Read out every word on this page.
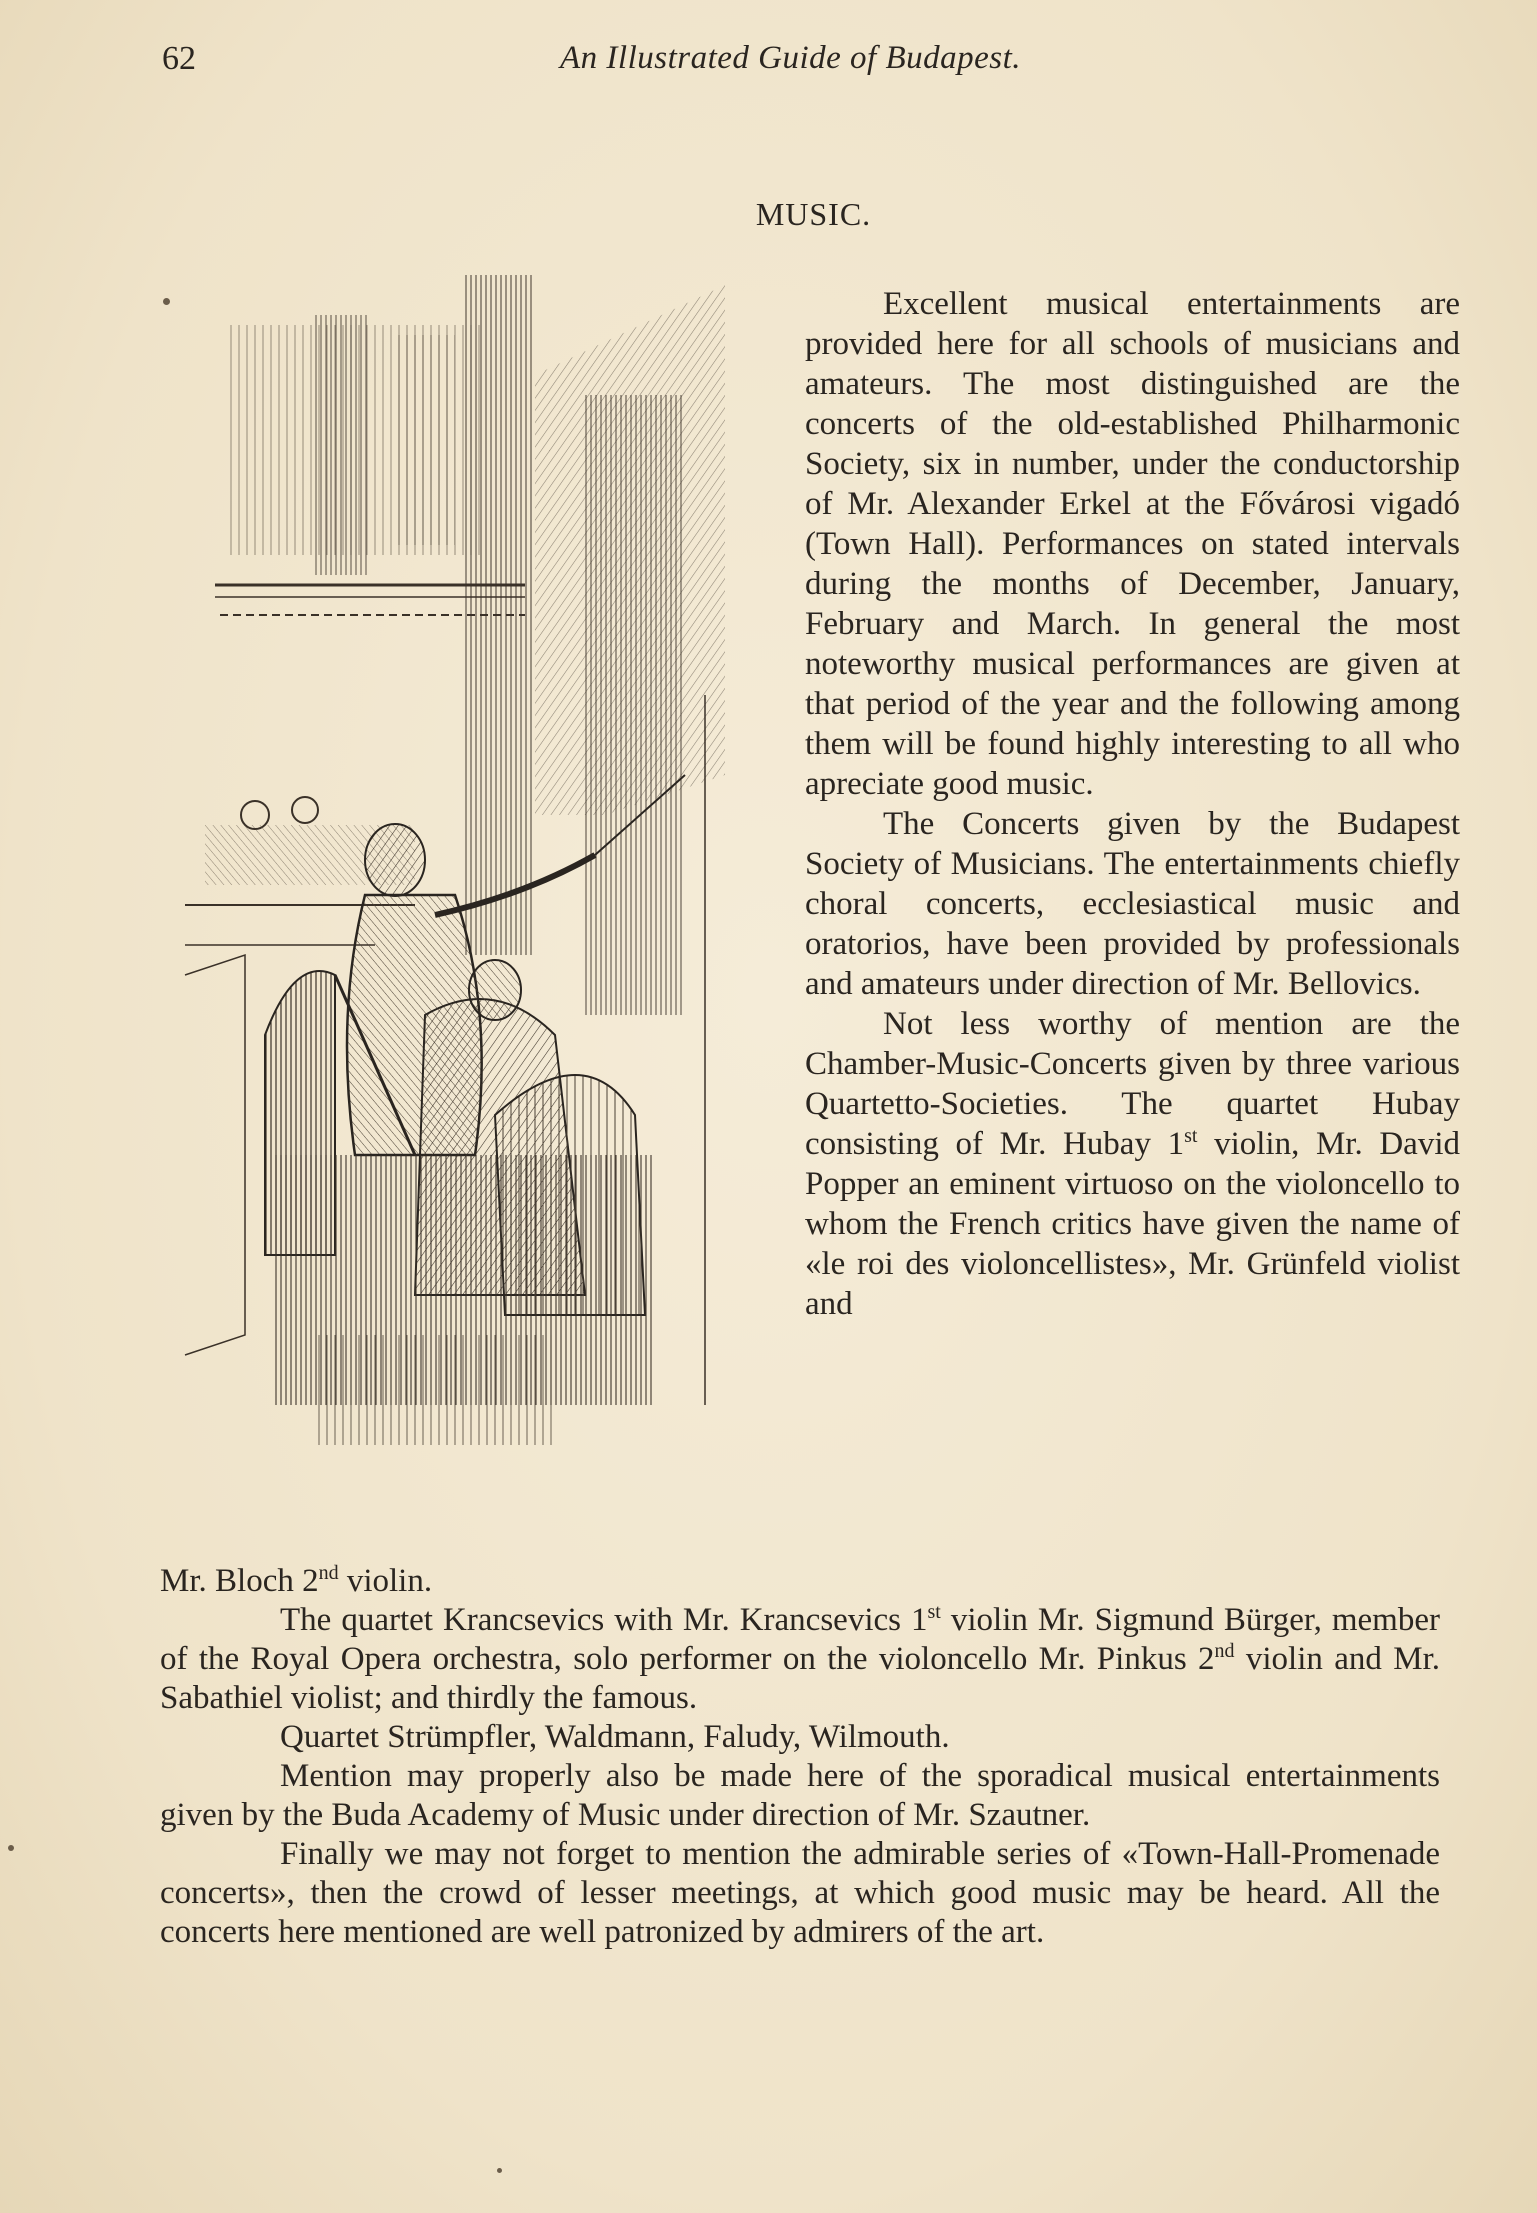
62	An Illustrated Guide of Budapest.
MUSIC.

Excellent musical entertainments are provided here for all schools of musicians and amateurs. The most distinguished are the concerts of the old-established Philharmonic Society, six in number, under the conductorship of Mr. Alexander Erkel at the Fővárosi vigadó (Town Hall). Performances on stated intervals during the months of December, January, February and March. In general the most noteworthy musical performances are given at that period of the year and the following among them will be found highly interesting to all who apreciate good music.

The Concerts given by the Budapest Society of Musicians. The entertainments chiefly choral concerts, ecclesiastical music and oratorios, have been provided by professionals and amateurs under direction of Mr. Bellovics.

Not less worthy of mention are the Chamber-Music-Concerts given by three various Quartetto-Societies. The quartet Hubay consisting of Mr. Hubay 1st violin, Mr. David Popper an eminent virtuoso on the violoncello to whom the French critics have given the name of «le roi des violoncellistes», Mr. Grünfeld violist and

Mr. Bloch 2nd violin.

The quartet Krancsevics with Mr. Krancsevics 1st violin Mr. Sigmund Bürger, member of the Royal Opera orchestra, solo performer on the violoncello Mr. Pinkus 2nd violin and Mr. Sabathiel violist; and thirdly the famous.

Quartet Strümpfler, Waldmann, Faludy, Wilmouth.

Mention may properly also be made here of the sporadical musical entertainments given by the Buda Academy of Music under direction of Mr. Szautner.

Finally we may not forget to mention the admirable series of «Town-Hall-Promenade concerts», then the crowd of lesser meetings, at which good music may be heard. All the concerts here mentioned are well patronized by admirers of the art.
